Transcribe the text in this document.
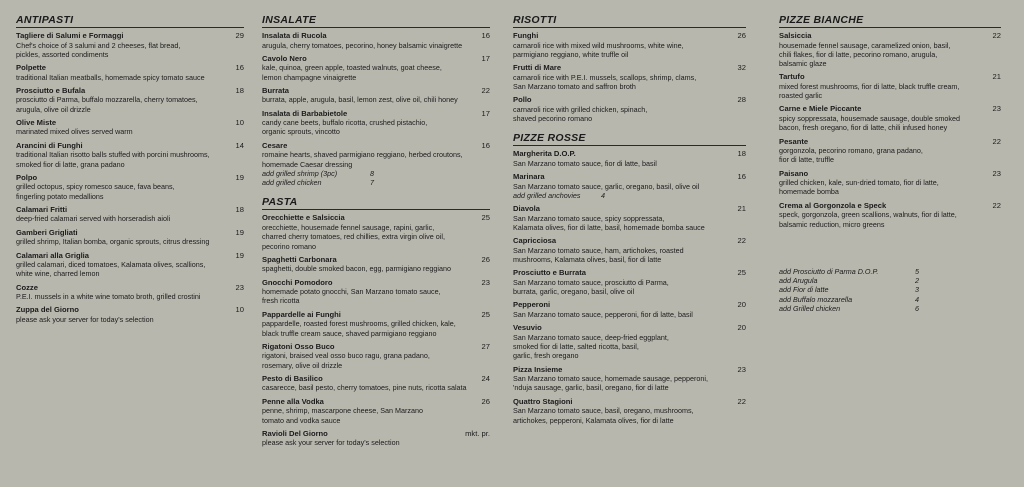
ANTIPASTI
Tagliere di Salumi e Formaggi	29
Chef's choice of 3 salumi and 2 cheeses, flat bread,
pickles, assorted condiments
Polpette	16
traditional Italian meatballs, homemade spicy tomato sauce
Prosciutto e Bufala	18
prosciutto di Parma, buffalo mozzarella, cherry tomatoes,
arugula, olive oil drizzle
Olive Miste	10
marinated mixed olives served warm
Arancini di Funghi	14
traditional Italian risotto balls stuffed with porcini mushrooms,
smoked fior di latte, grana padano
Polpo	19
grilled octopus, spicy romesco sauce, fava beans,
fingerling potato medallions
Calamari Fritti	18
deep-fried calamari served with horseradish aioli
Gamberi Grigliati	19
grilled shrimp, Italian bomba, organic sprouts, citrus dressing
Calamari alla Griglia	19
grilled calamari, diced tomatoes, Kalamata olives, scallions,
white wine, charred lemon
Cozze	23
P.E.I. mussels in a white wine tomato broth, grilled crostini
Zuppa del Giorno	10
please ask your server for today's selection
INSALATE
Insalata di Rucola	16
arugula, cherry tomatoes, pecorino, honey balsamic vinaigrette
Cavolo Nero	17
kale, quinoa, green apple, toasted walnuts, goat cheese,
lemon champagne vinaigrette
Burrata	22
burrata, apple, arugula, basil, lemon zest, olive oil, chili honey
Insalata di Barbabietole	17
candy cane beets, buffalo ricotta, crushed pistachio,
organic sprouts, vincotto
Cesare	16
romaine hearts, shaved parmigiano reggiano, herbed croutons,
homemade Caesar dressing
add grilled shrimp (3pc)	8
add grilled chicken	7
PASTA
Orecchiette e Salsiccia	25
orecchiette, housemade fennel sausage, rapini, garlic,
charred cherry tomatoes, red chillies, extra virgin olive oil,
pecorino romano
Spaghetti Carbonara	26
spaghetti, double smoked bacon, egg, parmigiano reggiano
Gnocchi Pomodoro	23
homemade potato gnocchi, San Marzano tomato sauce,
fresh ricotta
Pappardelle ai Funghi	25
pappardelle, roasted forest mushrooms, grilled chicken, kale,
black truffle cream sauce, shaved parmigiano reggiano
Rigatoni Osso Buco	27
rigatoni, braised veal osso buco ragu, grana padano,
rosemary, olive oil drizzle
Pesto di Basilico	24
casarecce, basil pesto, cherry tomatoes, pine nuts, ricotta salata
Penne alla Vodka	26
penne, shrimp, mascarpone cheese, San Marzano
tomato and vodka sauce
Ravioli Del Giorno	mkt. pr.
please ask your server for today's selection
RISOTTI
Funghi	26
carnaroli rice with mixed wild mushrooms, white wine,
parmigiano reggiano, white truffle oil
Frutti di Mare	32
carnaroli rice with P.E.I. mussels, scallops, shrimp, clams,
San Marzano tomato and saffron broth
Pollo	28
carnaroli rice with grilled chicken, spinach,
shaved pecorino romano
PIZZE ROSSE
Margherita D.O.P.	18
San Marzano tomato sauce, fior di latte, basil
Marinara	16
San Marzano tomato sauce, garlic, oregano, basil, olive oil
add grilled anchovies	4
Diavola	21
San Marzano tomato sauce, spicy soppressata,
Kalamata olives, fior di latte, basil, homemade bomba sauce
Capricciosa	22
San Marzano tomato sauce, ham, artichokes, roasted
mushrooms, Kalamata olives, basil, fior di latte
Prosciutto e Burrata	25
San Marzano tomato sauce, prosciutto di Parma,
burrata, garlic, oregano, basil, olive oil
Pepperoni	20
San Marzano tomato sauce, pepperoni, fior di latte, basil
Vesuvio	20
San Marzano tomato sauce, deep-fried eggplant,
smoked fior di latte, salted ricotta, basil,
garlic, fresh oregano
Pizza Insieme	23
San Marzano tomato sauce, homemade sausage, pepperoni,
'nduja sausage, garlic, basil, oregano, fior di latte
Quattro Stagioni	22
San Marzano tomato sauce, basil, oregano, mushrooms,
artichokes, pepperoni, Kalamata olives, fior di latte
PIZZE BIANCHE
Salsiccia	22
housemade fennel sausage, caramelized onion, basil,
chili flakes, fior di latte, pecorino romano, arugula,
balsamic glaze
Tartufo	21
mixed forest mushrooms, fior di latte, black truffle cream,
roasted garlic
Carne e Miele Piccante	23
spicy soppressata, housemade sausage, double smoked
bacon, fresh oregano, fior di latte, chili infused honey
Pesante	22
gorgonzola, pecorino romano, grana padano,
fior di latte, truffle
Paisano	23
grilled chicken, kale, sun-dried tomato, fior di latte,
homemade bomba
Crema al Gorgonzola e Speck	22
speck, gorgonzola, green scallions, walnuts, fior di latte,
balsamic reduction, micro greens
add Prosciutto di Parma D.O.P.	5
add Arugula	2
add Fior di latte	3
add Buffalo mozzarella	4
add Grilled chicken	6
